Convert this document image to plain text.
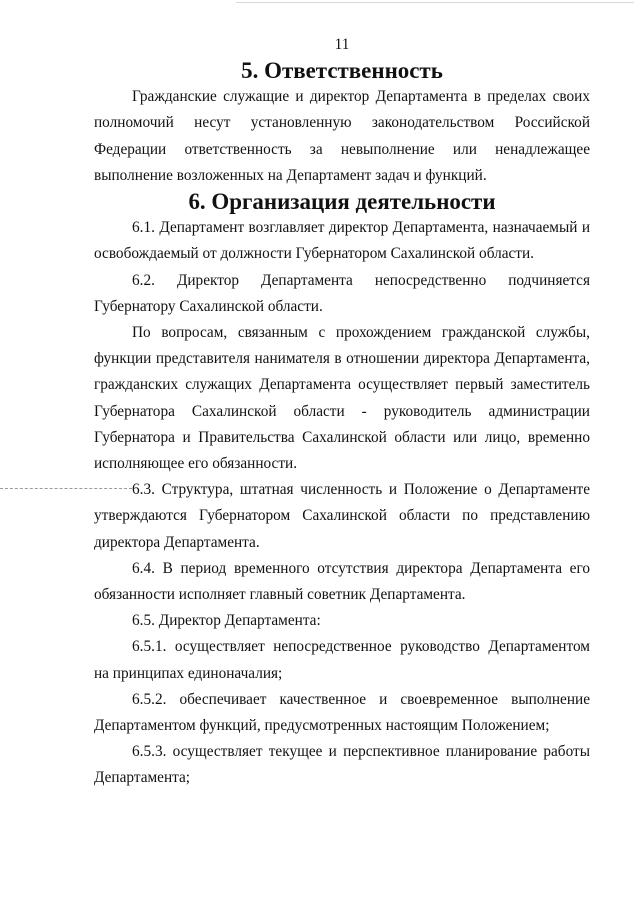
11

5. Ответственность

Гражданские служащие и директор Департамента в пределах своих полномочий несут установленную законодательством Российской Федерации ответственность за невыполнение или ненадлежащее выполнение возложенных на Департамент задач и функций.

6. Организация деятельности

6.1. Департамент возглавляет директор Департамента, назначаемый и освобождаемый от должности Губернатором Сахалинской области.

6.2. Директор Департамента непосредственно подчиняется Губернатору Сахалинской области.

По вопросам, связанным с прохождением гражданской службы, функции представителя нанимателя в отношении директора Департамента, гражданских служащих Департамента осуществляет первый заместитель Губернатора Сахалинской области - руководитель администрации Губернатора и Правительства Сахалинской области или лицо, временно исполняющее его обязанности.

6.3. Структура, штатная численность и Положение о Департаменте утверждаются Губернатором Сахалинской области по представлению директора Департамента.

6.4. В период временного отсутствия директора Департамента его обязанности исполняет главный советник Департамента.

6.5. Директор Департамента:

6.5.1. осуществляет непосредственное руководство Департаментом на принципах единоначалия;

6.5.2. обеспечивает качественное и своевременное выполнение Департаментом функций, предусмотренных настоящим Положением;

6.5.3. осуществляет текущее и перспективное планирование работы Департамента;
